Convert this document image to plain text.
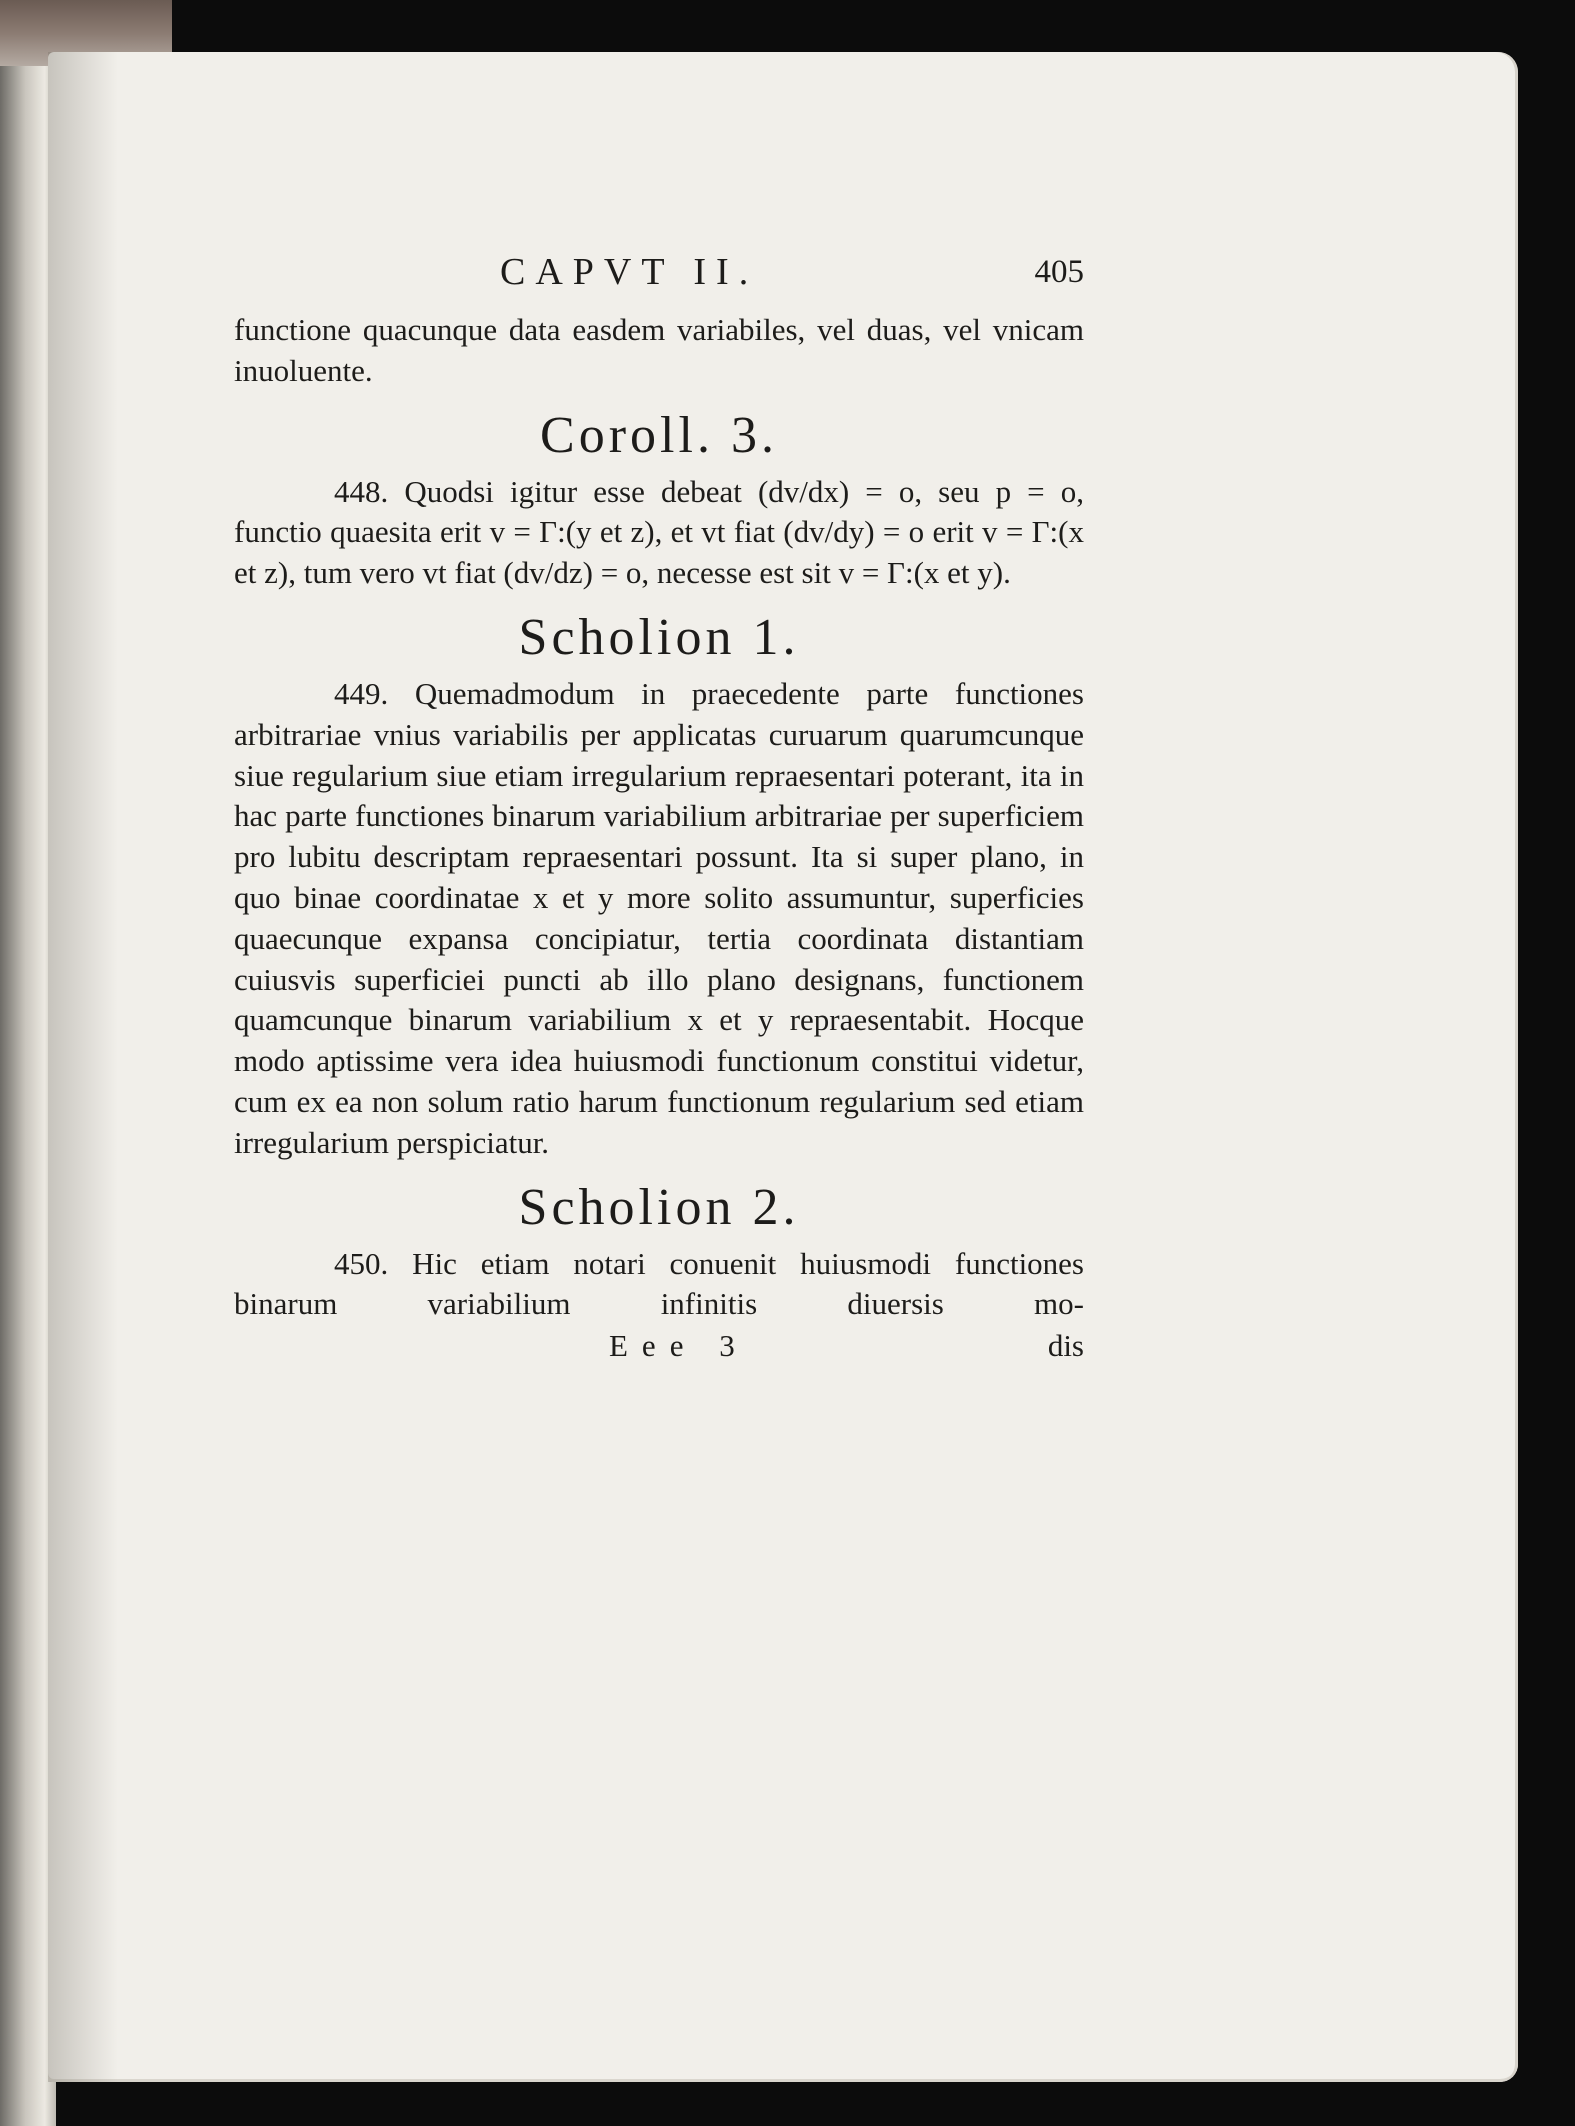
CAPVT II.	405

functione quacunque data easdem variabiles, vel duas, vel vnicam inuoluente.

Coroll. 3.

448. Quodsi igitur esse debeat (dv/dx) = o, seu p = o, functio quaesita erit v = Γ:(y et z), et vt fiat (dv/dy) = o erit v = Γ:(x et z), tum vero vt fiat (dv/dz) = o, necesse est sit v = Γ:(x et y).

Scholion 1.

449. Quemadmodum in praecedente parte functiones arbitrariae vnius variabilis per applicatas curuarum quarumcunque siue regularium siue etiam irregularium repraesentari poterant, ita in hac parte functiones binarum variabilium arbitrariae per superficiem pro lubitu descriptam repraesentari possunt. Ita si super plano, in quo binae coordinatae x et y more solito assumuntur, superficies quaecunque expansa concipiatur, tertia coordinata distantiam cuiusvis superficiei puncti ab illo plano designans, functionem quamcunque binarum variabilium x et y repraesentabit. Hocque modo aptissime vera idea huiusmodi functionum constitui videtur, cum ex ea non solum ratio harum functionum regularium sed etiam irregularium perspiciatur.

Scholion 2.

450. Hic etiam notari conuenit huiusmodi functiones binarum variabilium infinitis diuersis mo-

Eee 3	dis
